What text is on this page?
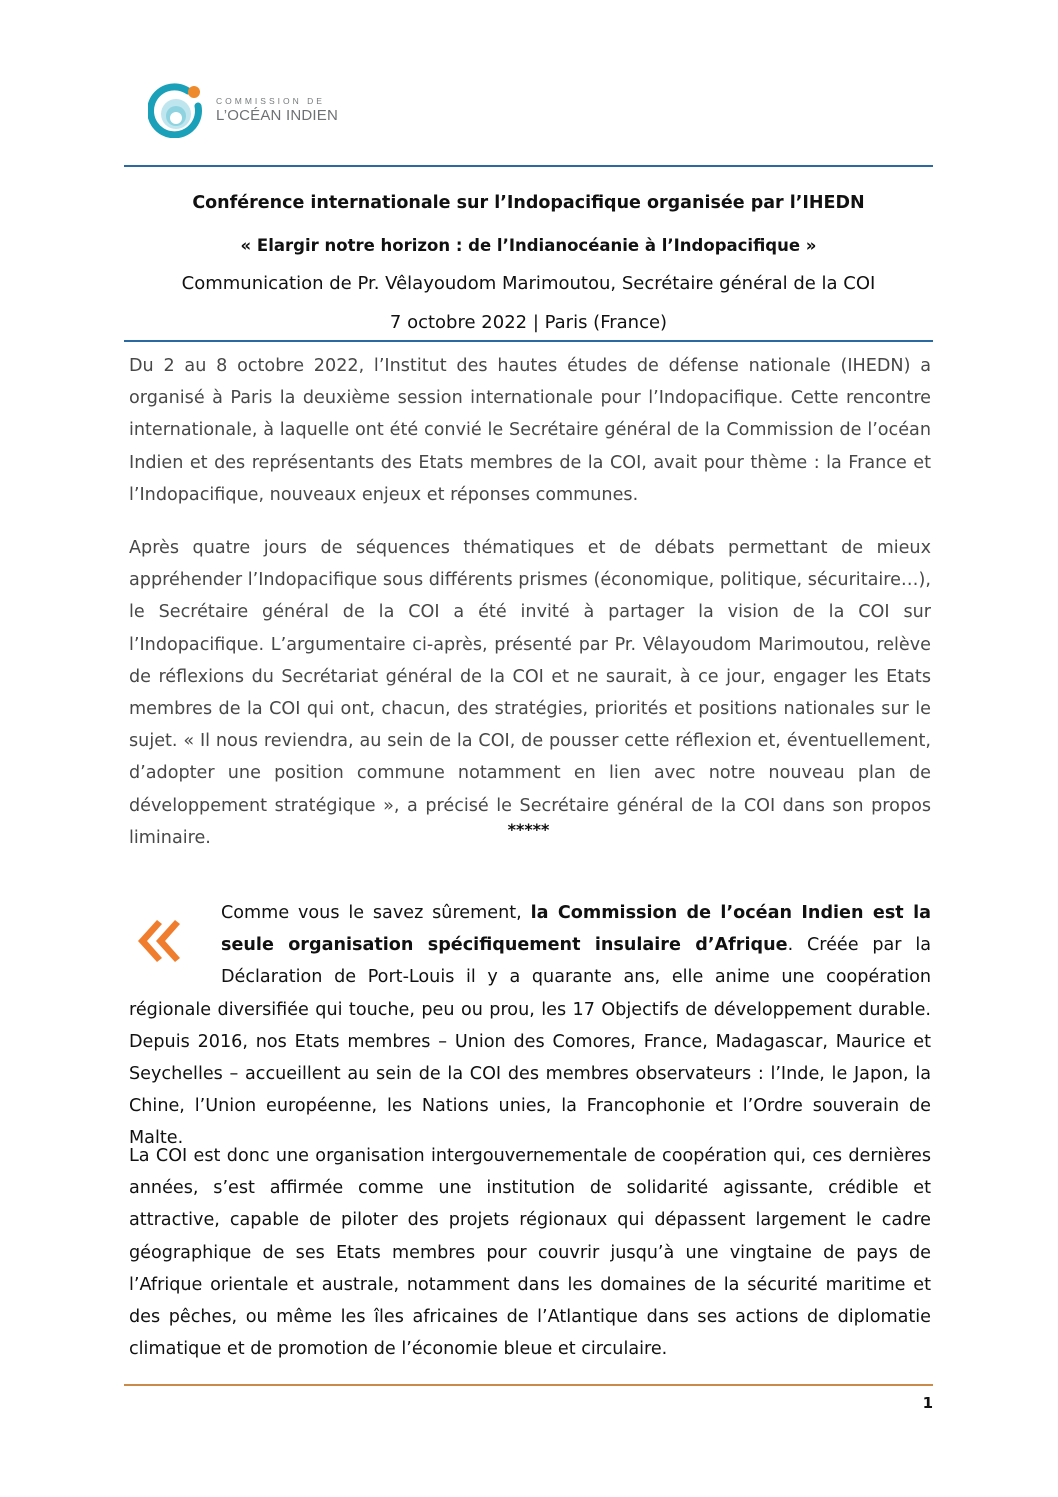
COMMISSION DE
L’OCÉAN INDIEN
Conférence internationale sur l’Indopacifique organisée par l’IHEDN
« Elargir notre horizon : de l’Indianocéanie à l’Indopacifique »
Communication de Pr. Vêlayoudom Marimoutou, Secrétaire général de la COI
7 octobre 2022 | Paris (France)

Du 2 au 8 octobre 2022, l’Institut des hautes études de défense nationale (IHEDN) a organisé à Paris la deuxième session internationale pour l’Indopacifique. Cette rencontre internationale, à laquelle ont été convié le Secrétaire général de la Commission de l’océan Indien et des représentants des Etats membres de la COI, avait pour thème : la France et l’Indopacifique, nouveaux enjeux et réponses communes.

Après quatre jours de séquences thématiques et de débats permettant de mieux appréhender l’Indopacifique sous différents prismes (économique, politique, sécuritaire…), le Secrétaire général de la COI a été invité à partager la vision de la COI sur l’Indopacifique. L’argumentaire ci-après, présenté par Pr. Vêlayoudom Marimoutou, relève de réflexions du Secrétariat général de la COI et ne saurait, à ce jour, engager les Etats membres de la COI qui ont, chacun, des stratégies, priorités et positions nationales sur le sujet. « Il nous reviendra, au sein de la COI, de pousser cette réflexion et, éventuellement, d’adopter une position commune notamment en lien avec notre nouveau plan de développement stratégique », a précisé le Secrétaire général de la COI dans son propos liminaire.	*****
Comme vous le savez sûrement, la Commission de l’océan Indien est la seule organisation spécifiquement insulaire d’Afrique. Créée par la Déclaration de Port-Louis il y a quarante ans, elle anime une coopération régionale diversifiée qui touche, peu ou prou, les 17 Objectifs de développement durable. Depuis 2016, nos Etats membres – Union des Comores, France, Madagascar, Maurice et Seychelles – accueillent au sein de la COI des membres observateurs : l’Inde, le Japon, la Chine, l’Union européenne, les Nations unies, la Francophonie et l’Ordre souverain de Malte.

La COI est donc une organisation intergouvernementale de coopération qui, ces dernières années, s’est affirmée comme une institution de solidarité agissante, crédible et attractive, capable de piloter des projets régionaux qui dépassent largement le cadre géographique de ses Etats membres pour couvrir jusqu’à une vingtaine de pays de l’Afrique orientale et australe, notamment dans les domaines de la sécurité maritime et des pêches, ou même les îles africaines de l’Atlantique dans ses actions de diplomatie climatique et de promotion de l’économie bleue et circulaire.

1
